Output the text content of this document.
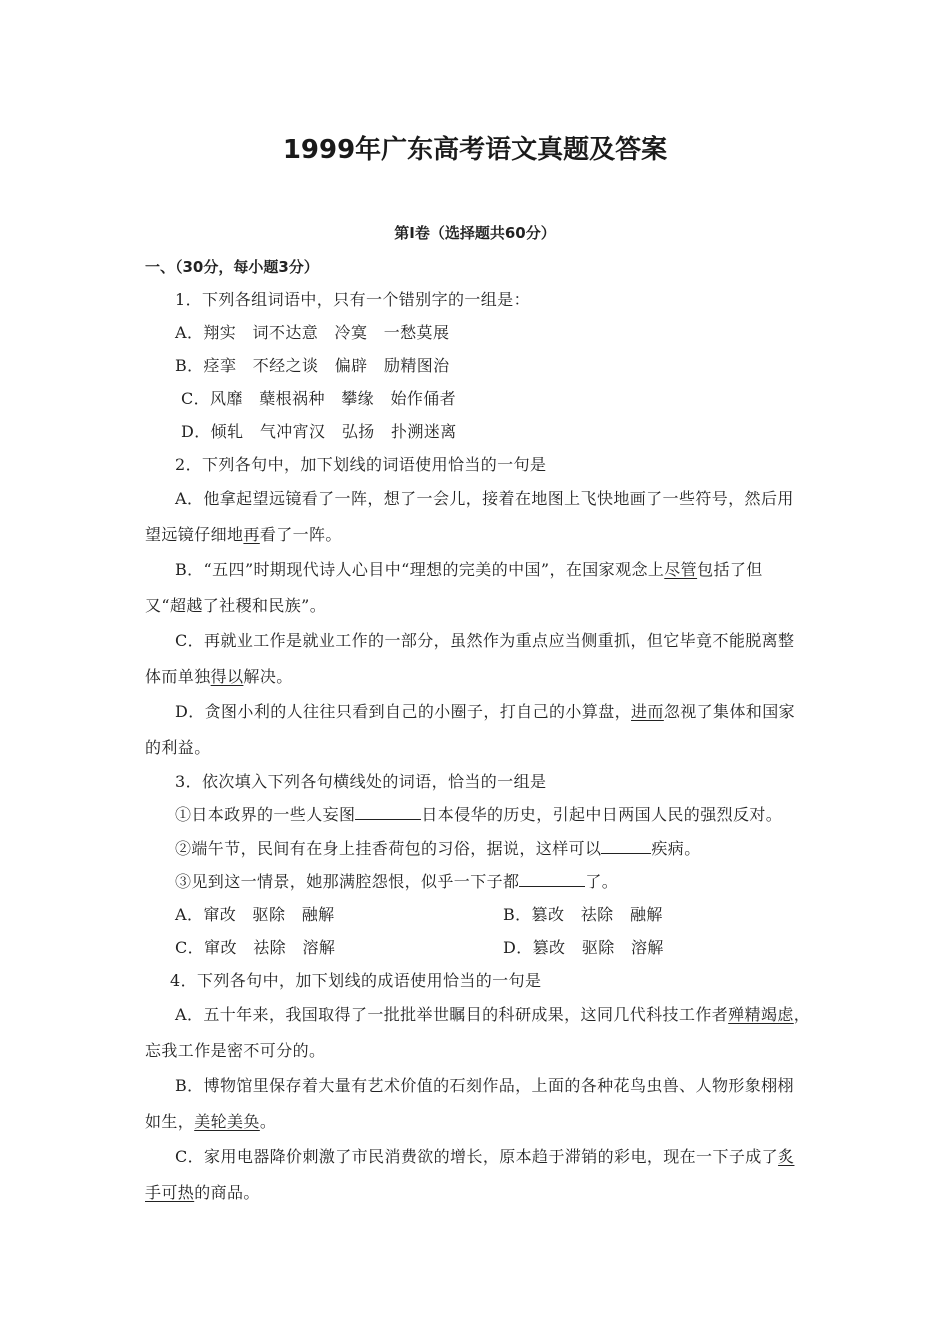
1999年广东高考语文真题及答案
第Ⅰ卷（选择题共60分）
一、（30分，每小题3分）
1．下列各组词语中，只有一个错别字的一组是：
A．翔实　词不达意　冷寞　一愁莫展
B．痉挛　不经之谈　偏辟　励精图治
C．风靡　蘖根祸种　攀缘　始作俑者
D．倾轧　气冲宵汉　弘扬　扑溯迷离
2．下列各句中，加下划线的词语使用恰当的一句是
A．他拿起望远镜看了一阵，想了一会儿，接着在地图上飞快地画了一些符号，然后用
望远镜仔细地再看了一阵。
B．“五四”时期现代诗人心目中“理想的完美的中国”，在国家观念上尽管包括了但
又“超越了社稷和民族”。
C．再就业工作是就业工作的一部分，虽然作为重点应当侧重抓，但它毕竟不能脱离整
体而单独得以解决。
D．贪图小利的人往往只看到自己的小圈子，打自己的小算盘，进而忽视了集体和国家
的利益。
3．依次填入下列各句横线处的词语，恰当的一组是
①日本政界的一些人妄图	日本侵华的历史，引起中日两国人民的强烈反对。
②端午节，民间有在身上挂香荷包的习俗，据说，这样可以	疾病。
③见到这一情景，她那满腔怨恨，似乎一下子都	了。
A．窜改　驱除　融解	B．篡改　祛除　融解
C．窜改　祛除　溶解	D．篡改　驱除　溶解
4．下列各句中，加下划线的成语使用恰当的一句是
A．五十年来，我国取得了一批批举世瞩目的科研成果，这同几代科技工作者殚精竭虑，
忘我工作是密不可分的。
B．博物馆里保存着大量有艺术价值的石刻作品，上面的各种花鸟虫兽、人物形象栩栩
如生，美轮美奂。
C．家用电器降价刺激了市民消费欲的增长，原本趋于滞销的彩电，现在一下子成了炙
手可热的商品。
